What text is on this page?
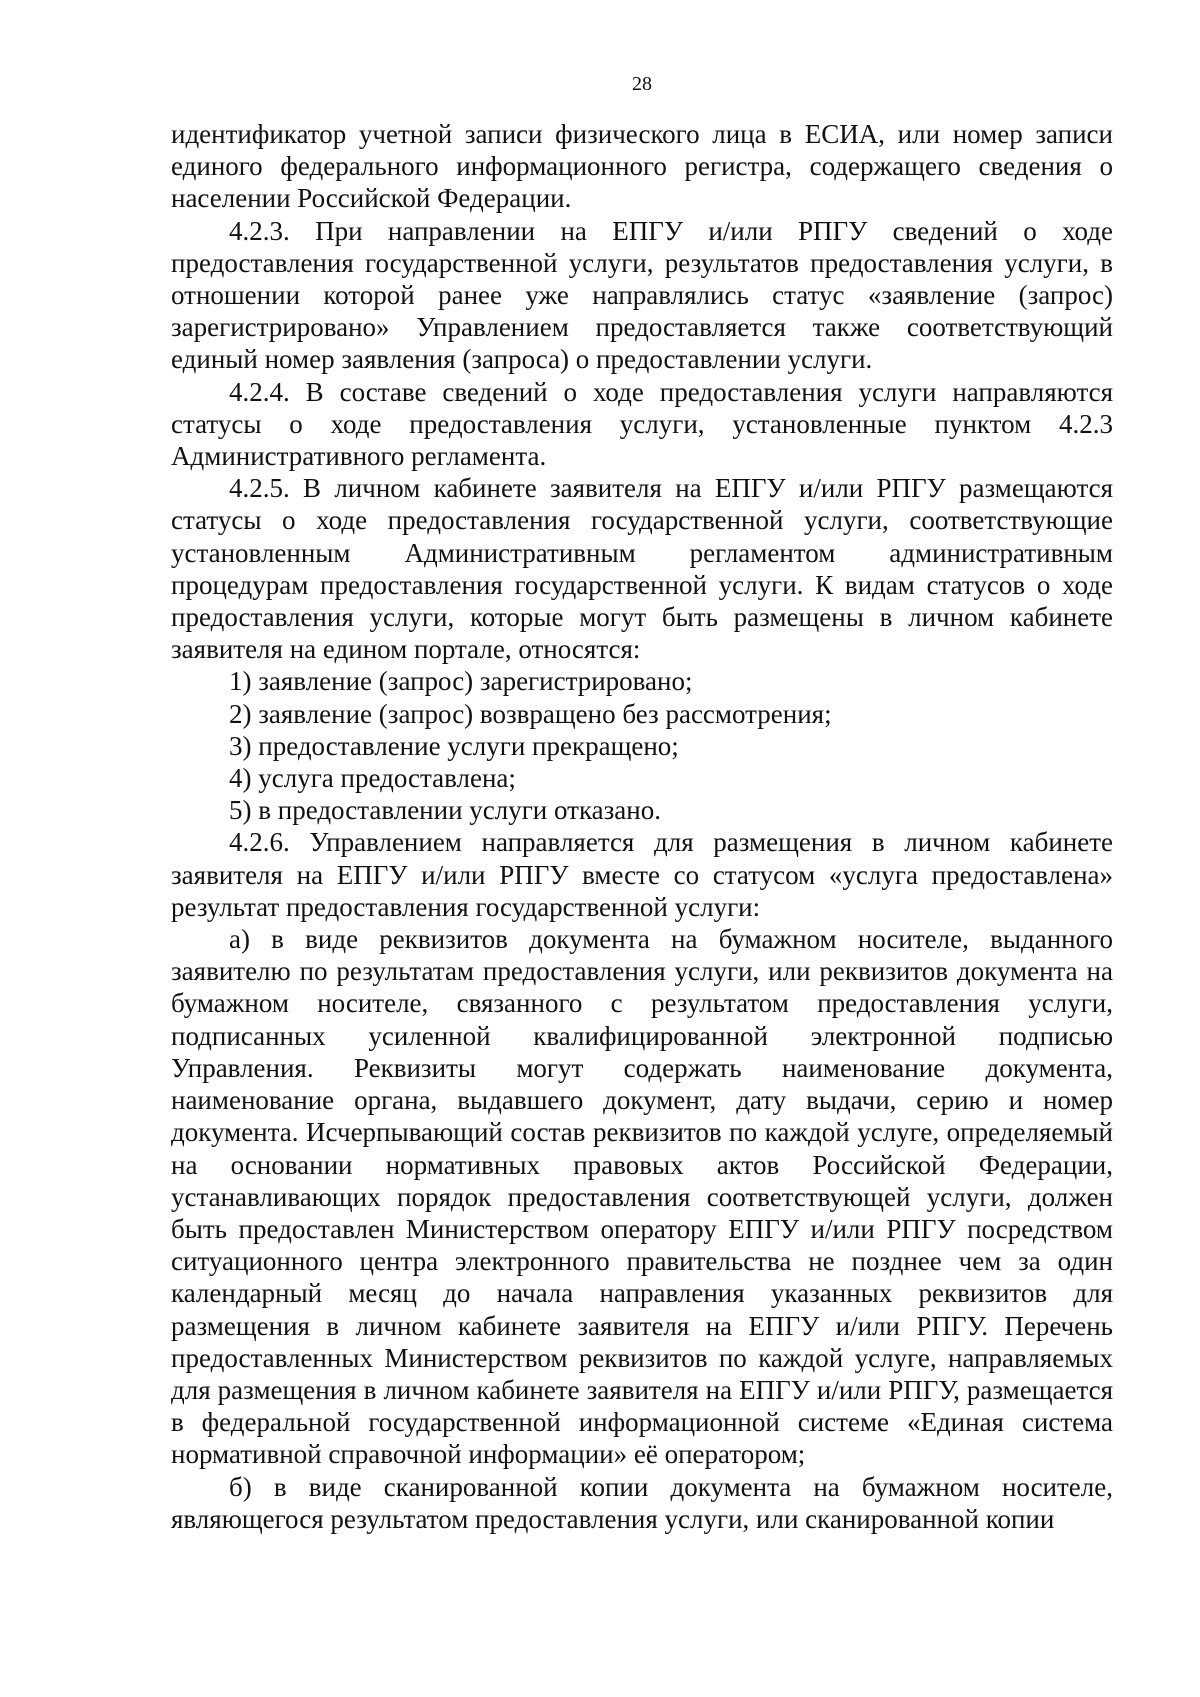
28

идентификатор учетной записи физического лица в ЕСИА, или номер записи единого федерального информационного регистра, содержащего сведения о населении Российской Федерации.

4.2.3. При направлении на ЕПГУ и/или РПГУ сведений о ходе предоставления государственной услуги, результатов предоставления услуги, в отношении которой ранее уже направлялись статус «заявление (запрос) зарегистрировано» Управлением предоставляется также соответствующий единый номер заявления (запроса) о предоставлении услуги.

4.2.4. В составе сведений о ходе предоставления услуги направляются статусы о ходе предоставления услуги, установленные пунктом 4.2.3 Административного регламента.

4.2.5. В личном кабинете заявителя на ЕПГУ и/или РПГУ размещаются статусы о ходе предоставления государственной услуги, соответствующие установленным Административным регламентом административным процедурам предоставления государственной услуги. К видам статусов о ходе предоставления услуги, которые могут быть размещены в личном кабинете заявителя на едином портале, относятся:

1) заявление (запрос) зарегистрировано;

2) заявление (запрос) возвращено без рассмотрения;

3) предоставление услуги прекращено;

4) услуга предоставлена;

5) в предоставлении услуги отказано.

4.2.6. Управлением направляется для размещения в личном кабинете заявителя на ЕПГУ и/или РПГУ вместе со статусом «услуга предоставлена» результат предоставления государственной услуги:

а) в виде реквизитов документа на бумажном носителе, выданного заявителю по результатам предоставления услуги, или реквизитов документа на бумажном носителе, связанного с результатом предоставления услуги, подписанных усиленной квалифицированной электронной подписью Управления. Реквизиты могут содержать наименование документа, наименование органа, выдавшего документ, дату выдачи, серию и номер документа. Исчерпывающий состав реквизитов по каждой услуге, определяемый на основании нормативных правовых актов Российской Федерации, устанавливающих порядок предоставления соответствующей услуги, должен быть предоставлен Министерством оператору ЕПГУ и/или РПГУ посредством ситуационного центра электронного правительства не позднее чем за один календарный месяц до начала направления указанных реквизитов для размещения в личном кабинете заявителя на ЕПГУ и/или РПГУ. Перечень предоставленных Министерством реквизитов по каждой услуге, направляемых для размещения в личном кабинете заявителя на ЕПГУ и/или РПГУ, размещается в федеральной государственной информационной системе «Единая система нормативной справочной информации» её оператором;

б) в виде сканированной копии документа на бумажном носителе, являющегося результатом предоставления услуги, или сканированной копии
